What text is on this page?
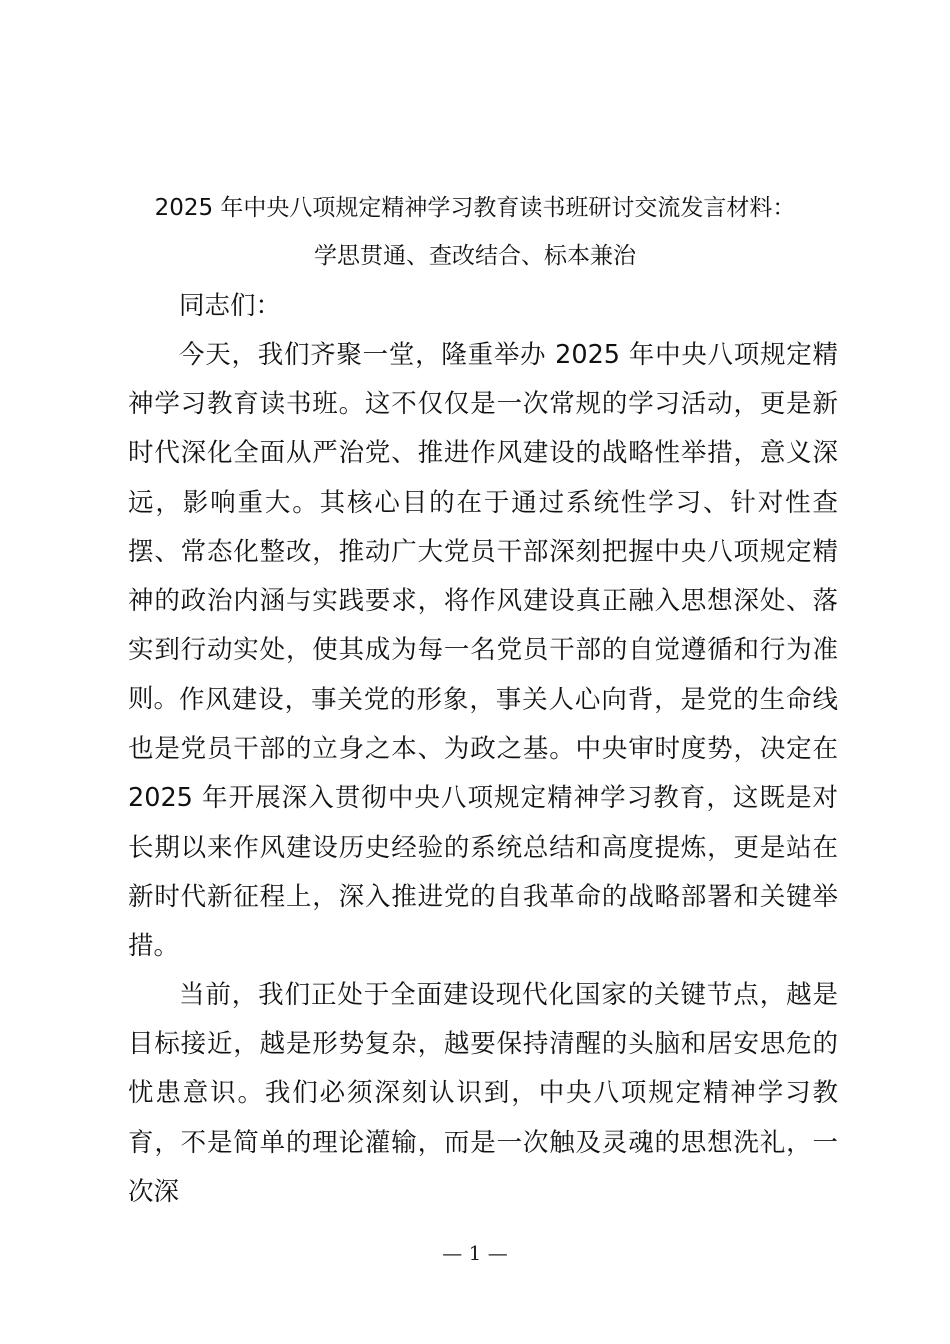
2025 年中央八项规定精神学习教育读书班研讨交流发言材料：
学思贯通、查改结合、标本兼治
同志们：
今天，我们齐聚一堂，隆重举办 2025 年中央八项规定精神学习教育读书班。这不仅仅是一次常规的学习活动，更是新时代深化全面从严治党、推进作风建设的战略性举措，意义深远，影响重大。其核心目的在于通过系统性学习、针对性查摆、常态化整改，推动广大党员干部深刻把握中央八项规定精神的政治内涵与实践要求，将作风建设真正融入思想深处、落实到行动实处，使其成为每一名党员干部的自觉遵循和行为准则。 作风建设，事关党的形象，事关人心向背，是党的生命线也是党员干部的立身之本、为政之基。中央审时度势，决定在 2025 年开展深入贯彻中央八项规定精神学习教育，这既是对长期以来作风建设历史经验的系统总结和高度提炼，更是站在新时代新征程上，深入推进党的自我革命的战略部署和关键举措。
当前，我们正处于全面建设现代化国家的关键节点，越是目标接近，越是形势复杂，越要保持清醒的头脑和居安思危的忧患意识。我们必须深刻认识到，中央八项规定精神学习教育，不是简单的理论灌输，而是一次触及灵魂的思想洗礼，一次深
— 1 —
